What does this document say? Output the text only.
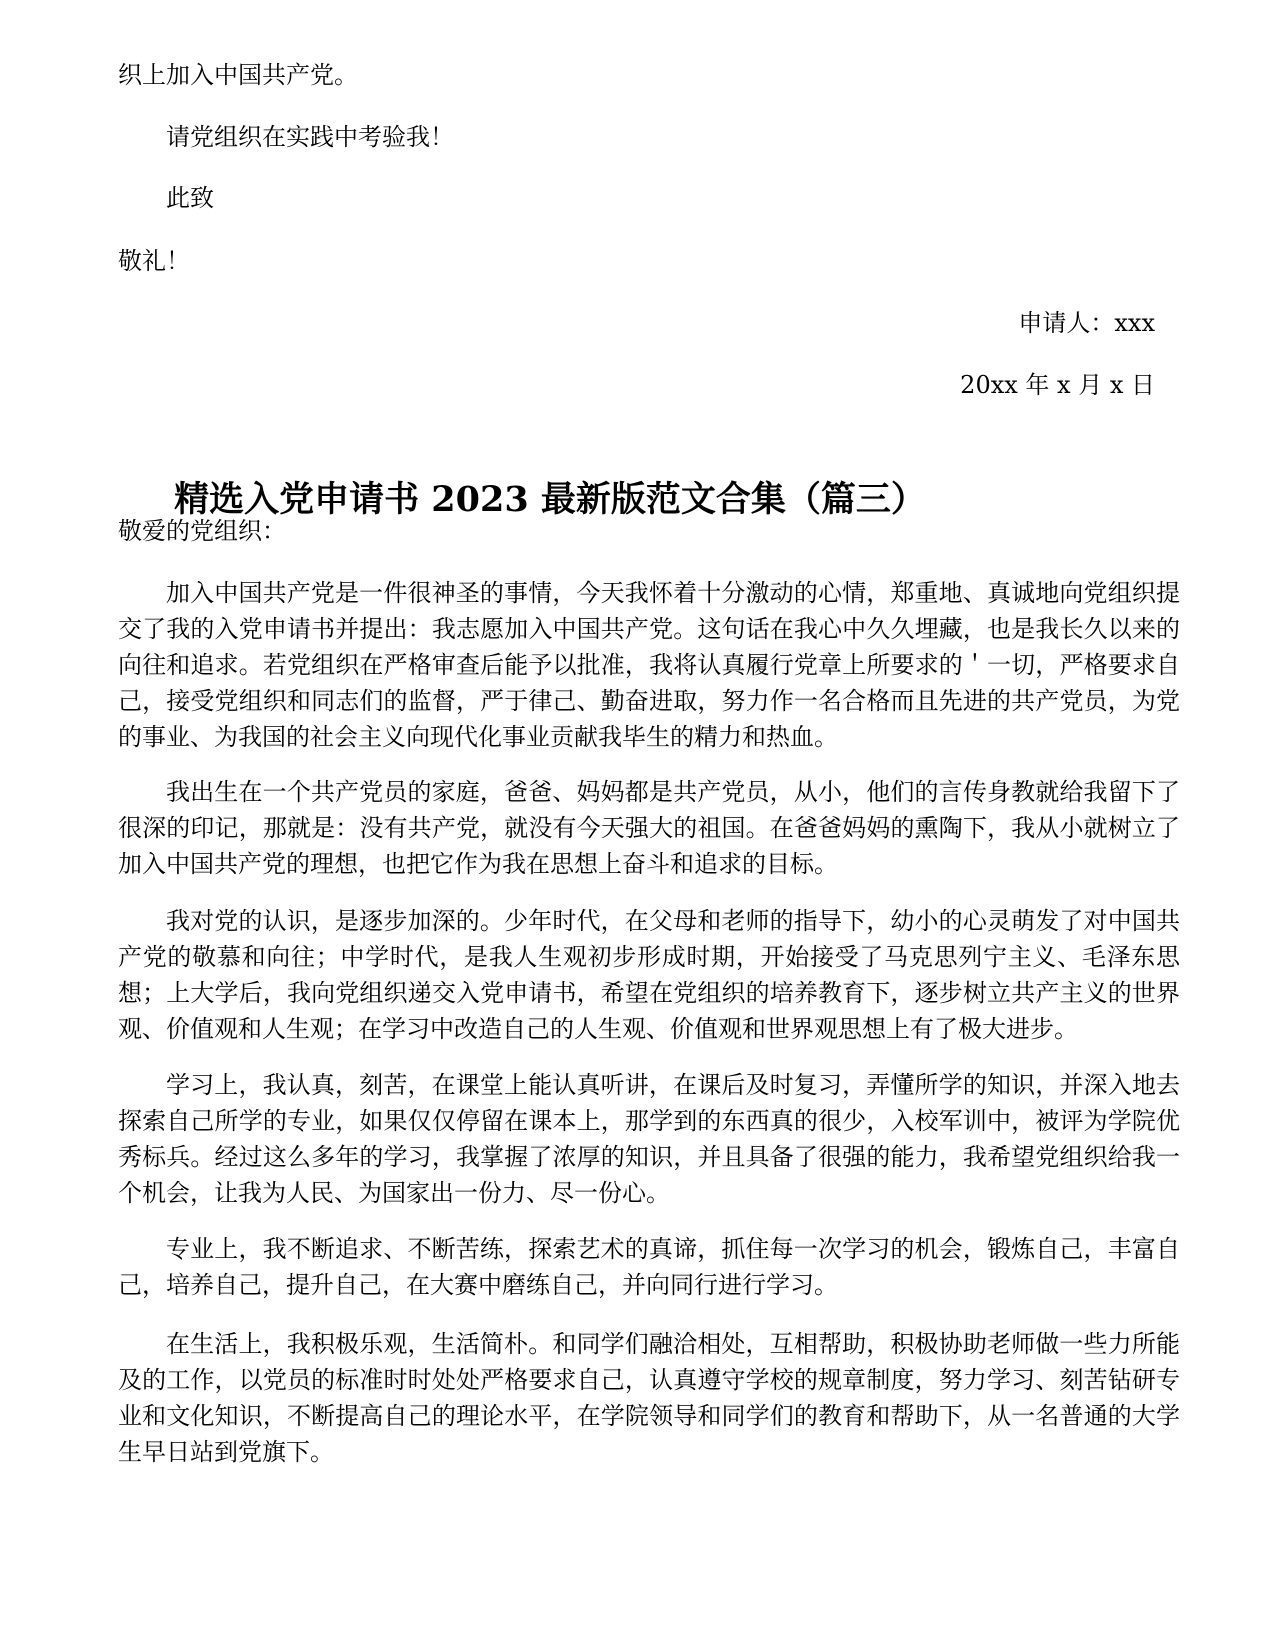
织上加入中国共产党。

请党组织在实践中考验我！

此致

敬礼！

申请人：xxx

20xx 年 x 月 x 日

精选入党申请书 2023 最新版范文合集（篇三）

敬爱的党组织：

加入中国共产党是一件很神圣的事情，今天我怀着十分激动的心情，郑重地、真诚地向党组织提交了我的入党申请书并提出：我志愿加入中国共产党。这句话在我心中久久埋藏，也是我长久以来的向往和追求。若党组织在严格审查后能予以批准，我将认真履行党章上所要求的＇一切，严格要求自己，接受党组织和同志们的监督，严于律己、勤奋进取，努力作一名合格而且先进的共产党员，为党的事业、为我国的社会主义向现代化事业贡献我毕生的精力和热血。

我出生在一个共产党员的家庭，爸爸、妈妈都是共产党员，从小，他们的言传身教就给我留下了很深的印记，那就是：没有共产党，就没有今天强大的祖国。在爸爸妈妈的熏陶下，我从小就树立了加入中国共产党的理想，也把它作为我在思想上奋斗和追求的目标。

我对党的认识，是逐步加深的。少年时代，在父母和老师的指导下，幼小的心灵萌发了对中国共产党的敬慕和向往；中学时代，是我人生观初步形成时期，开始接受了马克思列宁主义、毛泽东思想；上大学后，我向党组织递交入党申请书，希望在党组织的培养教育下，逐步树立共产主义的世界观、价值观和人生观；在学习中改造自己的人生观、价值观和世界观思想上有了极大进步。

学习上，我认真，刻苦，在课堂上能认真听讲，在课后及时复习，弄懂所学的知识，并深入地去探索自己所学的专业，如果仅仅停留在课本上，那学到的东西真的很少，入校军训中，被评为学院优秀标兵。经过这么多年的学习，我掌握了浓厚的知识，并且具备了很强的能力，我希望党组织给我一个机会，让我为人民、为国家出一份力、尽一份心。

专业上，我不断追求、不断苦练，探索艺术的真谛，抓住每一次学习的机会，锻炼自己，丰富自己，培养自己，提升自己，在大赛中磨练自己，并向同行进行学习。

在生活上，我积极乐观，生活简朴。和同学们融洽相处，互相帮助，积极协助老师做一些力所能及的工作，以党员的标准时时处处严格要求自己，认真遵守学校的规章制度，努力学习、刻苦钻研专业和文化知识，不断提高自己的理论水平，在学院领导和同学们的教育和帮助下，从一名普通的大学生早日站到党旗下。
